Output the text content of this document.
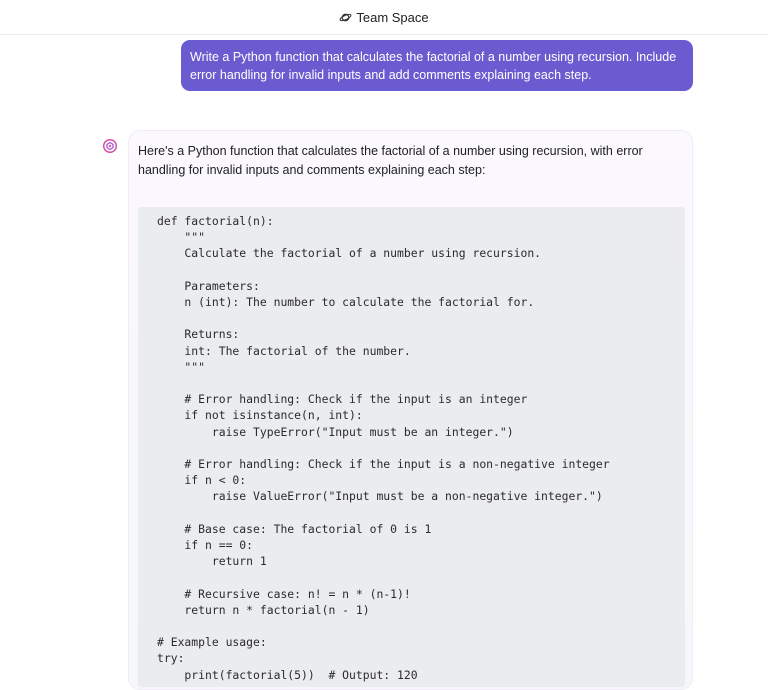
Team Space
Write a Python function that calculates the factorial of a number using recursion. Include error handling for invalid inputs and add comments explaining each step.
Here's a Python function that calculates the factorial of a number using recursion, with error handling for invalid inputs and comments explaining each step:
def factorial(n):
"""
Calculate the factorial of a number using recursion.

Parameters:
n (int): The number to calculate the factorial for.

Returns:
int: The factorial of the number.
"""

# Error handling: Check if the input is an integer
if not isinstance(n, int):
raise TypeError("Input must be an integer.")

# Error handling: Check if the input is a non-negative integer
if n < 0:
raise ValueError("Input must be a non-negative integer.")

# Base case: The factorial of 0 is 1
if n == 0:
return 1

# Recursive case: n! = n * (n-1)!
return n * factorial(n - 1)

# Example usage:
try:
print(factorial(5))  # Output: 120
